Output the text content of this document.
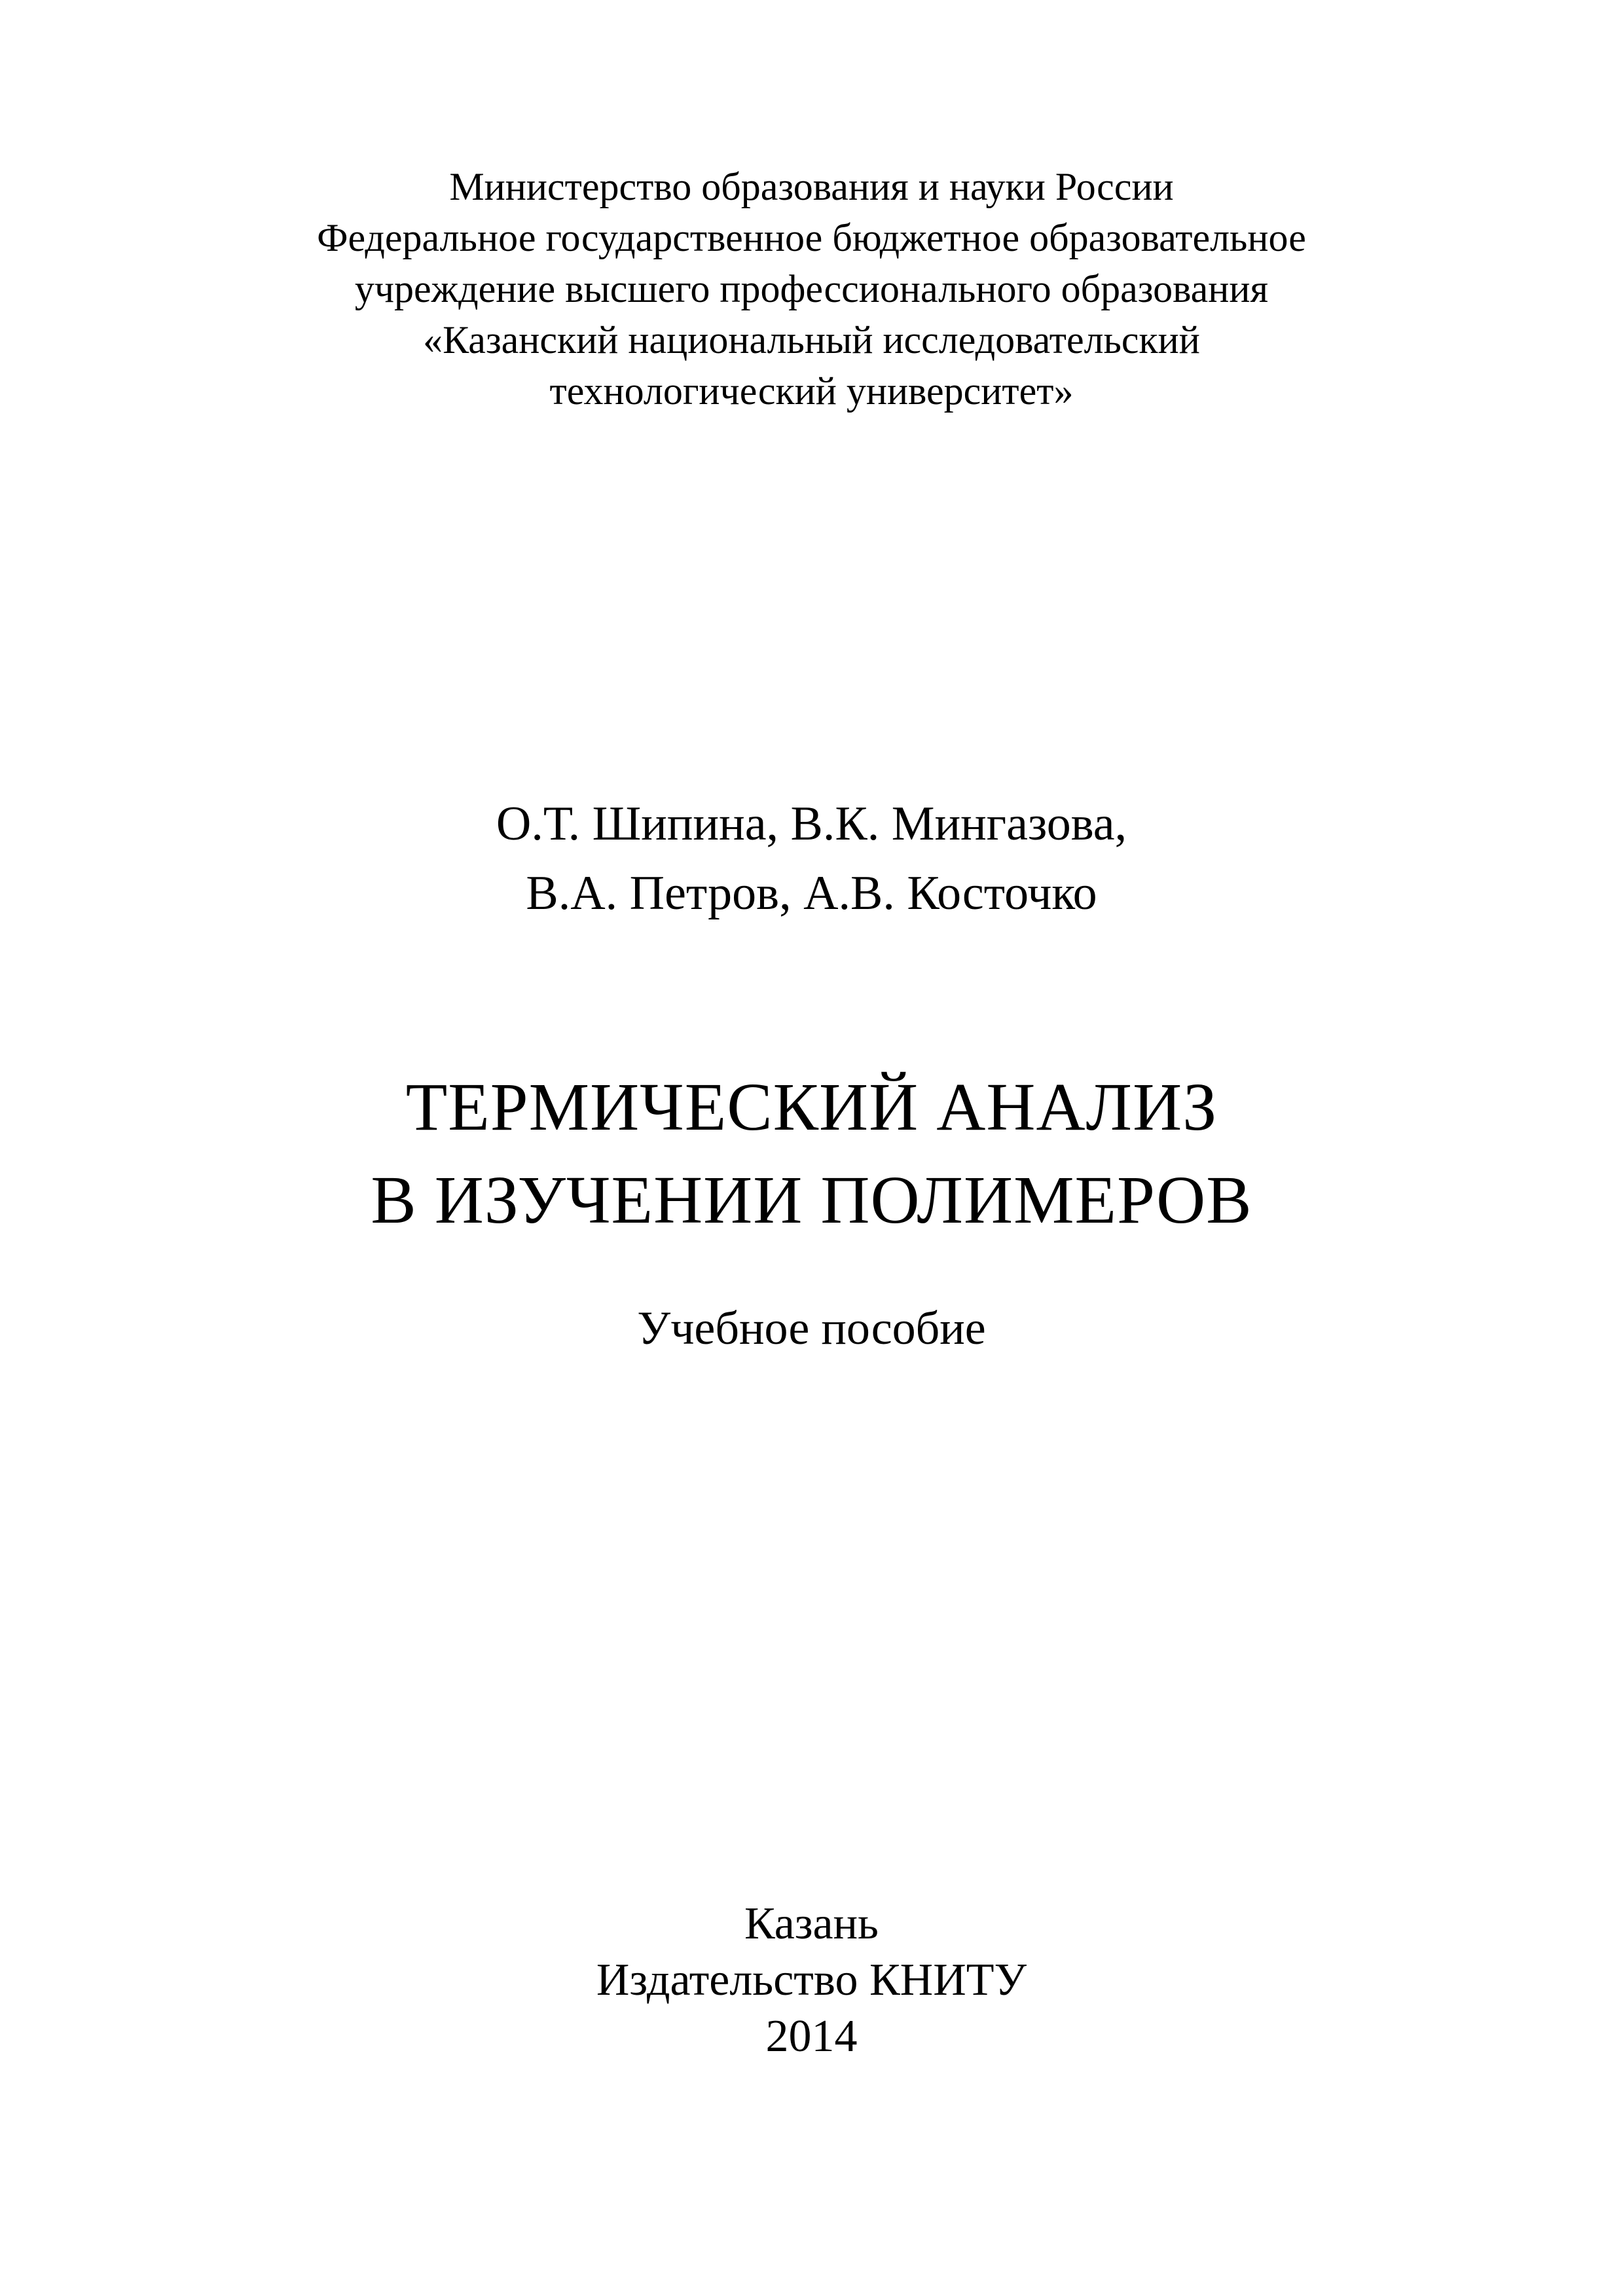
Министерство образования и науки России
Федеральное государственное бюджетное образовательное
учреждение высшего профессионального образования
«Казанский национальный исследовательский
технологический университет»
О.Т. Шипина, В.К. Мингазова,
В.А. Петров, А.В. Косточко
ТЕРМИЧЕСКИЙ АНАЛИЗ
В ИЗУЧЕНИИ ПОЛИМЕРОВ
Учебное пособие
Казань
Издательство КНИТУ
2014
